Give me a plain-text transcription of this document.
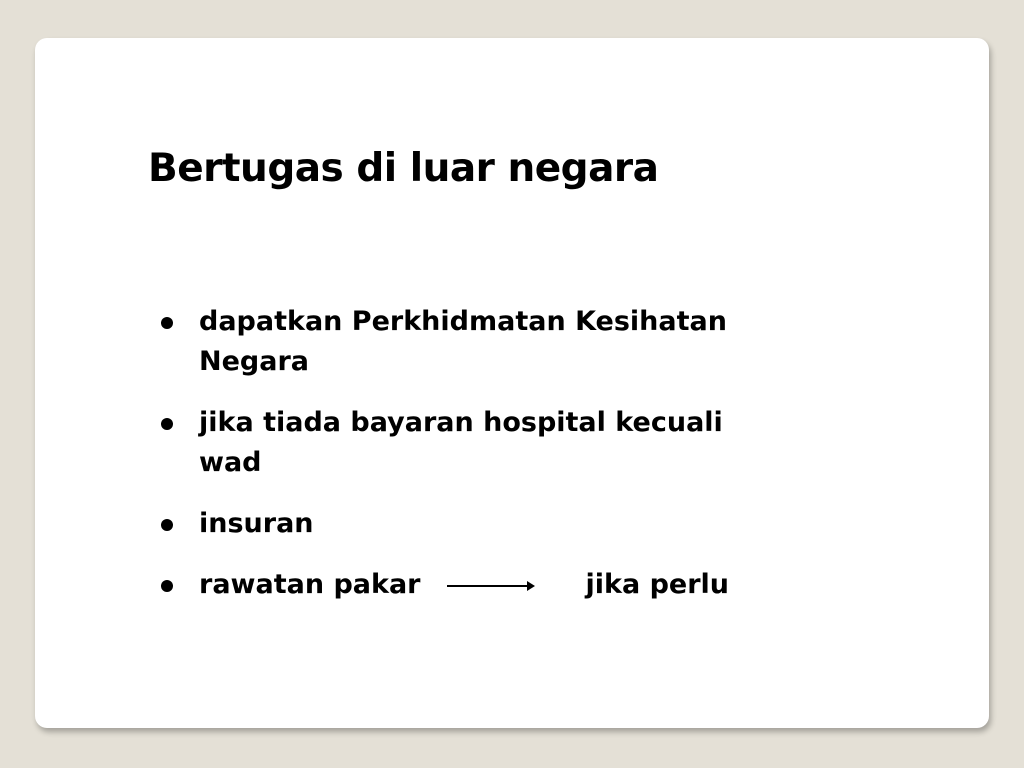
Bertugas di luar negara
dapatkan Perkhidmatan Kesihatan Negara
jika tiada bayaran hospital kecuali wad
insuran
rawatan pakar	jika perlu
